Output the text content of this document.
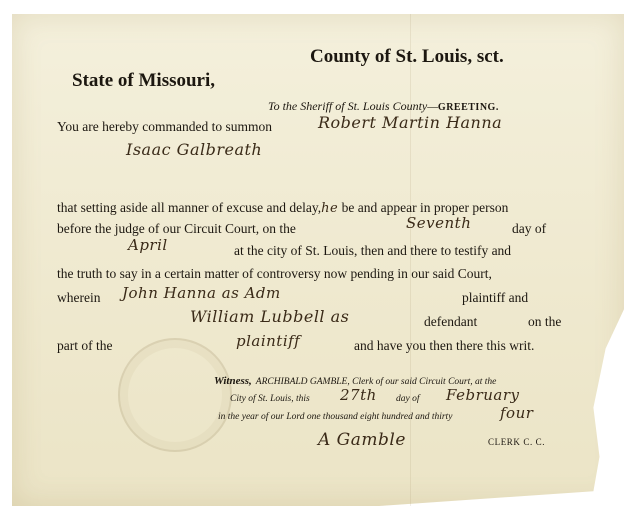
County of St. Louis, sct.
State of Missouri,
To the Sheriff of St. Louis County—GREETING.
You are hereby commanded to summon	Robert Martin Hanna
Isaac Galbreath
that setting aside all manner of excuse and delay,he be and appear in proper person
before the judge of our Circuit Court, on the	Seventh	day of
April	at the city of St. Louis, then and there to testify and
the truth to say in a certain matter of controversy now pending in our said Court,
wherein John Hanna as Adm	plaintiff and
William Lubbell as	defendant	on the
part of the	plaintiff	and have you then there this writ.
Witness, ARCHIBALD GAMBLE, Clerk of our said Circuit Court, at the
City of St. Louis, this 27th day of February
in the year of our Lord one thousand eight hundred and thirty	four
A Gamble	CLERK C. C.
